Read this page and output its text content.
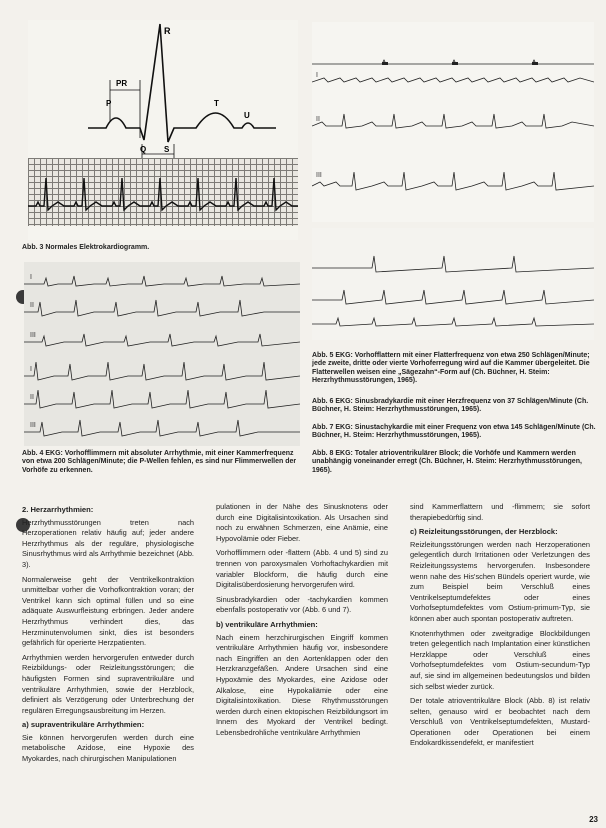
R
PR
P	T
U
Q S
Abb. 3 Normales Elektrokardiogramm.
I
II
III
I
II
III
Abb. 4 EKG: Vorhofflimmern mit absoluter Arrhythmie, mit einer Kammerfrequenz von etwa 200 Schlägen/Minute; die P-Wellen fehlen, es sind nur Flimmerwellen der Vorhöfe zu erkennen.
I
II
III
Abb. 5 EKG: Vorhofflattern mit einer Flatterfrequenz von etwa 250 Schlägen/Minute; jede zweite, dritte oder vierte Vorhoferregung wird auf die Kammer übergeleitet. Die Flatterwellen weisen eine „Sägezahn“-Form auf (Ch. Büchner, H. Steim: Herzrhythmusstörungen, 1965).
Abb. 6 EKG: Sinusbradykardie mit einer Herzfrequenz von 37 Schlägen/Minute (Ch. Büchner, H. Steim: Herzrhythmusstörungen, 1965).
Abb. 7 EKG: Sinustachykardie mit einer Frequenz von etwa 145 Schlägen/Minute (Ch. Büchner, H. Steim: Herzrhythmusstörungen, 1965).
Abb. 8 EKG: Totaler atrioventrikulärer Block; die Vorhöfe und Kammern werden unabhängig voneinander erregt (Ch. Büchner, H. Steim: Herzrhythmusstörungen, 1965).
2. Herzarrhythmien:

Herzrhythmusstörungen treten nach Herzoperationen relativ häufig auf; jeder andere Herzrhythmus als der reguläre, physiologische Sinusrhythmus wird als Arrhythmie bezeichnet (Abb. 3).

Normalerweise geht der Ventrikelkontraktion unmittelbar vorher die Vorhofkontraktion voran; der Ventrikel kann sich optimal füllen und so eine adäquate Auswurfleistung erbringen. Jeder andere Herzrhythmus verhindert dies, das Herzminutenvolumen sinkt, dies ist besonders gefährlich für operierte Herzpatienten.

Arrhythmien werden hervorgerufen entweder durch Reizbildungs- oder Reizleitungsstörungen; die häufigsten Formen sind supraventrikuläre und ventrikuläre Arrhythmien, sowie der Herzblock, definiert als Verzögerung oder Unterbrechung der regulären Erregungsausbreitung im Herzen.

a) supraventrikuläre Arrhythmien:

Sie können hervorgerufen werden durch eine metabolische Azidose, eine Hypoxie des Myokardes, nach chirurgischen Manipulationen

pulationen in der Nähe des Sinusknotens oder durch eine Digitalisintoxikation. Als Ursachen sind noch zu erwähnen Schmerzen, eine Anämie, eine Hypovolämie oder Fieber.

Vorhofflimmern oder -flattern (Abb. 4 und 5) sind zu trennen von paroxysmalen Vorhoftachykardien mit variabler Blockform, die häufig durch eine Digitalisüberdosierung hervorgerufen wird.

Sinusbradykardien oder -tachykardien kommen ebenfalls postoperativ vor (Abb. 6 und 7).

b) ventrikuläre Arrhythmien:

Nach einem herzchirurgischen Eingriff kommen ventrikuläre Arrhythmien häufig vor, insbesondere nach Eingriffen an den Aortenklappen oder den Herzkranzgefäßen. Andere Ursachen sind eine Hypoxämie des Myokardes, eine Azidose oder Alkalose, eine Hypokaliämie oder eine Digitalisintoxikation. Diese Rhythmusstörungen werden durch einen ektopischen Reizbildungsort im Innern des Myokard der Ventrikel bedingt. Lebensbedrohliche ventrikuläre Arrhythmien

sind Kammerflattern und -flimmern; sie sofort therapiebedürftig sind.

c) Reizleitungsstörungen, der Herzblock:

Reizleitungsstörungen werden nach Herzoperationen gelegentlich durch Irritationen oder Verletzungen des Reizleitungssystems hervorgerufen. Insbesondere wenn nahe des His'schen Bündels operiert wurde, wie zum Beispiel beim Verschluß eines Ventrikelseptumdefektes oder eines Vorhofseptumdefektes vom Ostium-primum-Typ, sie können aber auch spontan postoperativ auftreten.

Knotenrhythmen oder zweitgradige Blockbildungen treten gelegentlich nach Implantation einer künstlichen Herzklappe oder Verschluß eines Vorhofseptumdefektes vom Ostium-secundum-Typ auf, sie sind im allgemeinen bedeutungslos und bilden sich selbst wieder zurück.

Der totale atrioventrikuläre Block (Abb. 8) ist relativ selten, genauso wird er beobachtet nach dem Verschluß von Ventrikelseptumdefekten, Mustard-Operationen oder Operationen bei einem Endokardkissendefekt, er manifestiert

23
